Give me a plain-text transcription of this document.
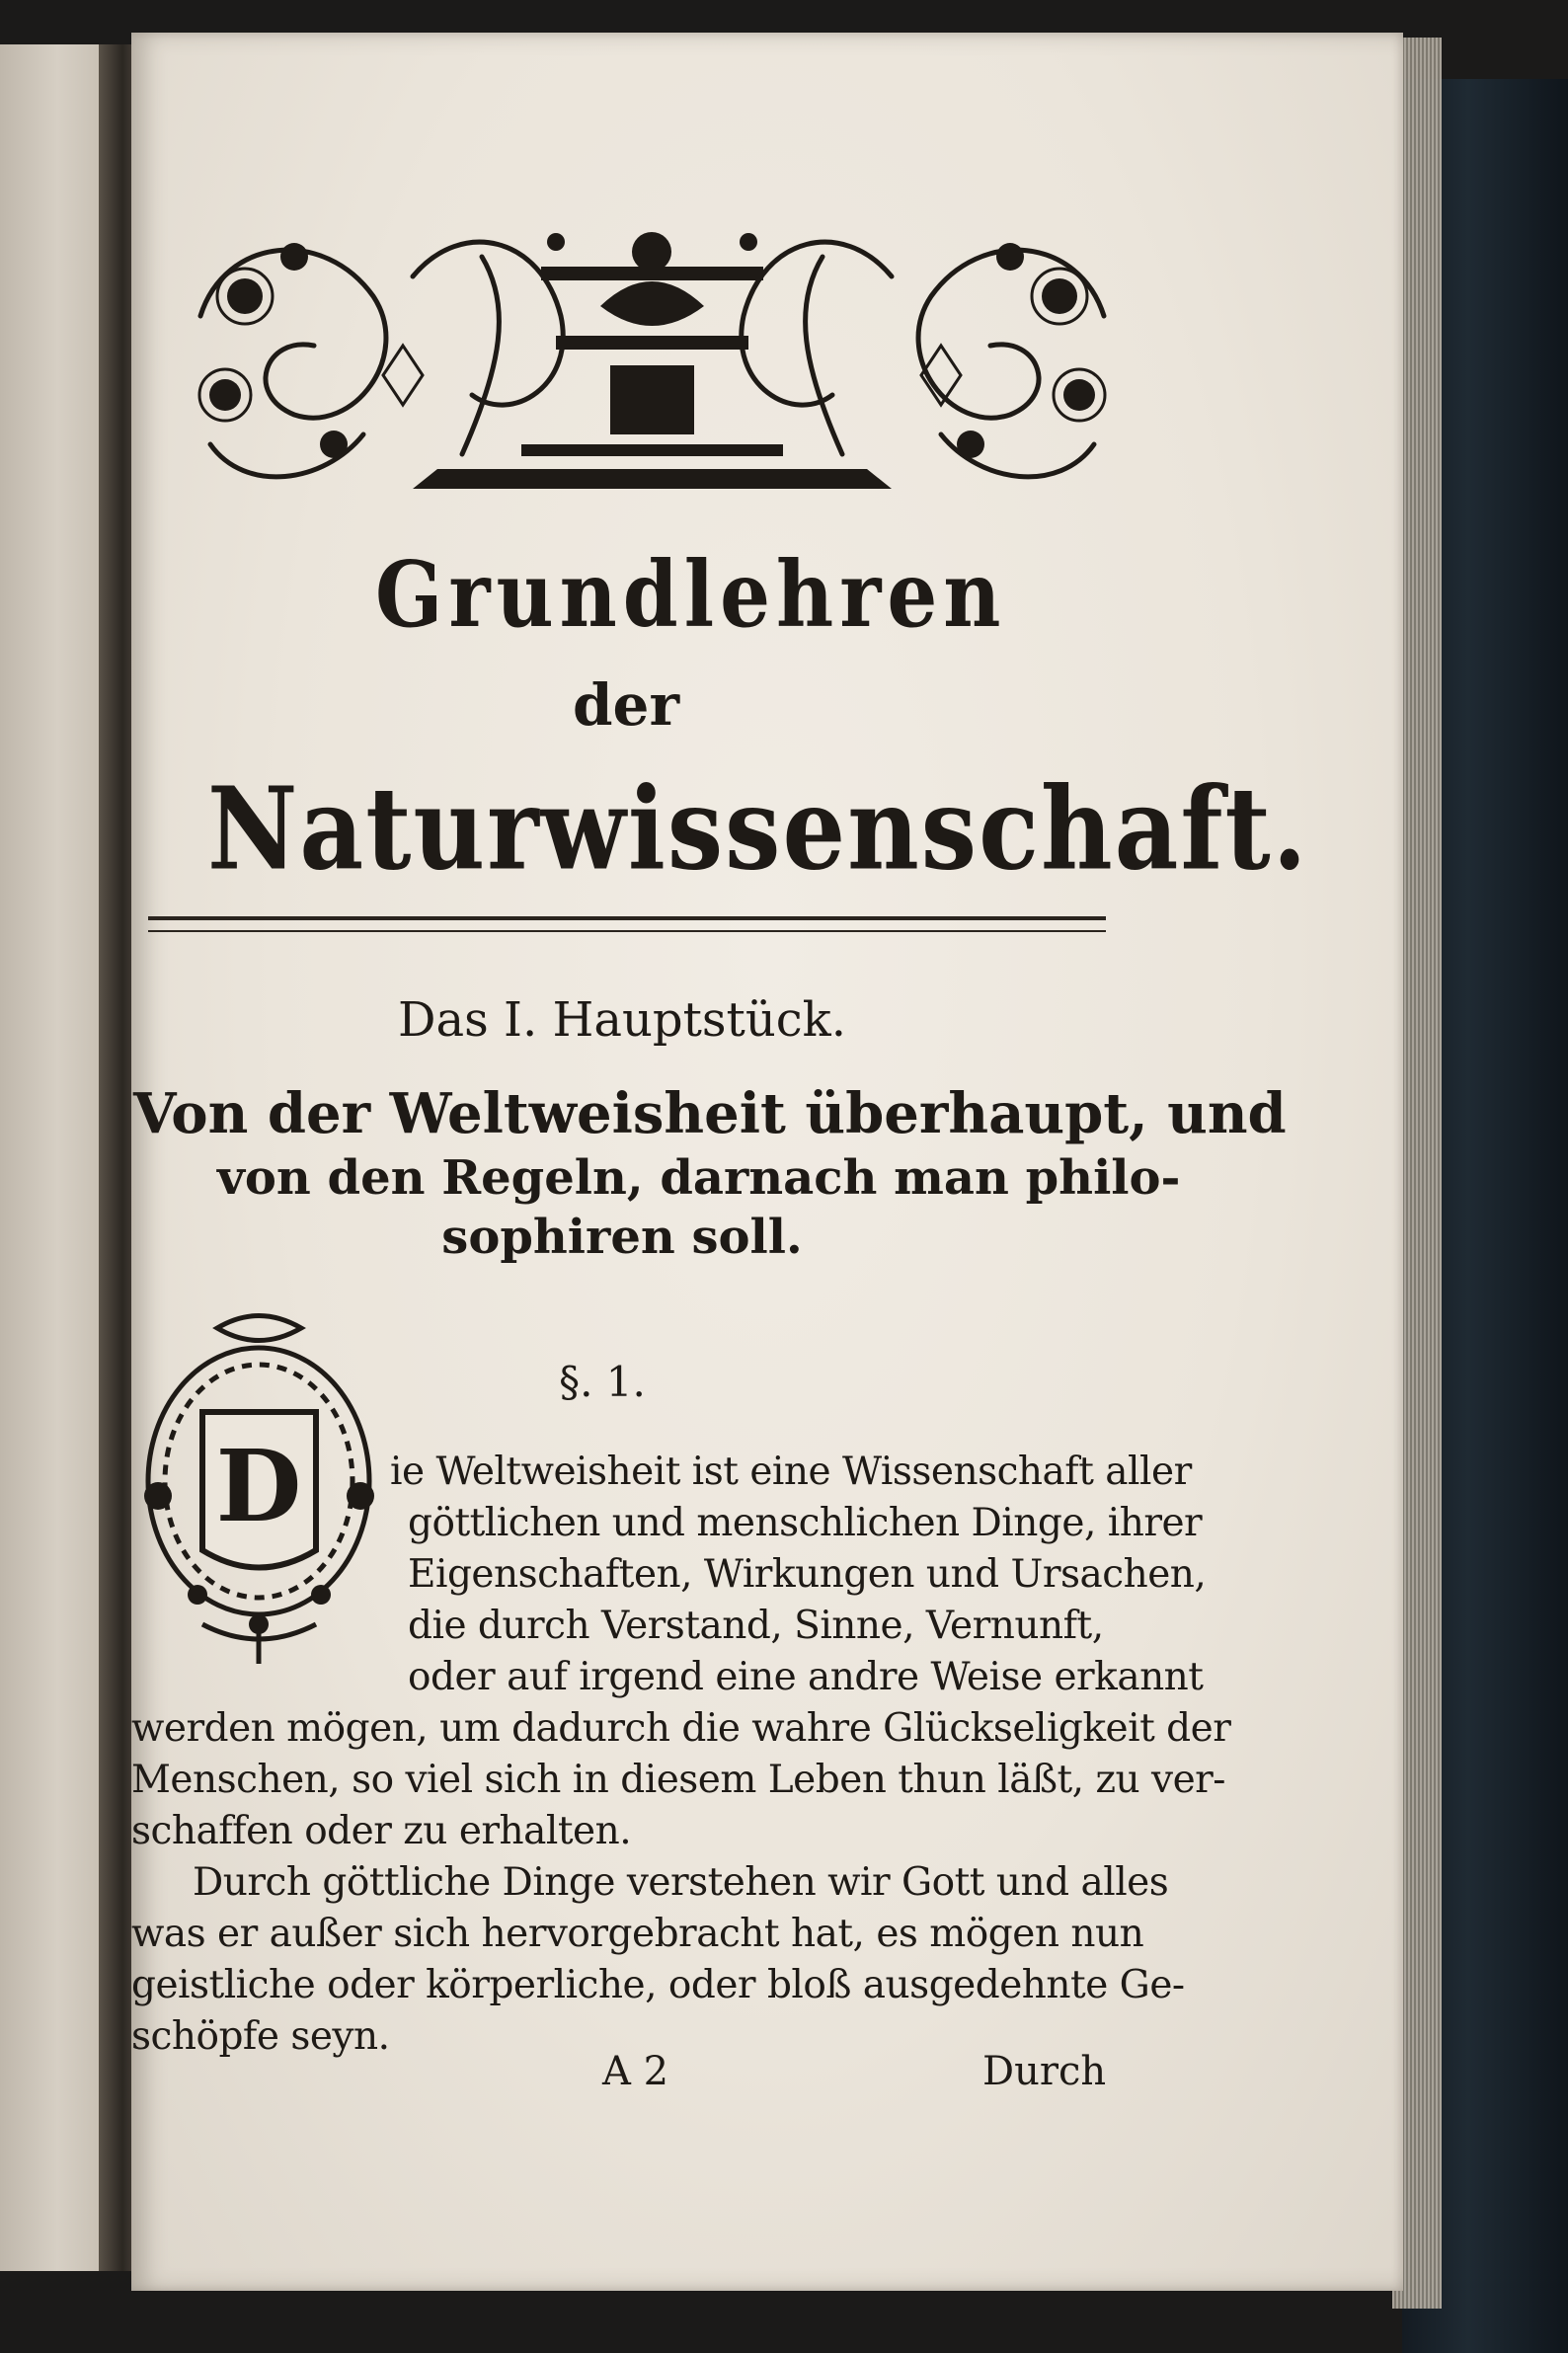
Grundlehren
der
Naturwissenschaft.
Das I. Hauptstück.
Von der Weltweisheit überhaupt, und
von den Regeln, darnach man philo-
sophiren soll.
§. 1.
D ie Weltweisheit ist eine Wissenschaft aller
göttlichen und menschlichen Dinge, ihrer
Eigenschaften, Wirkungen und Ursachen,
die durch Verstand, Sinne, Vernunft,
oder auf irgend eine andre Weise erkannt
werden mögen, um dadurch die wahre Glückseligkeit der
Menschen, so viel sich in diesem Leben thun läßt, zu ver-
schaffen oder zu erhalten.
Durch göttliche Dinge verstehen wir Gott und alles
was er außer sich hervorgebracht hat, es mögen nun
geistliche oder körperliche, oder bloß ausgedehnte Ge-
schöpfe seyn.
A 2	Durch
